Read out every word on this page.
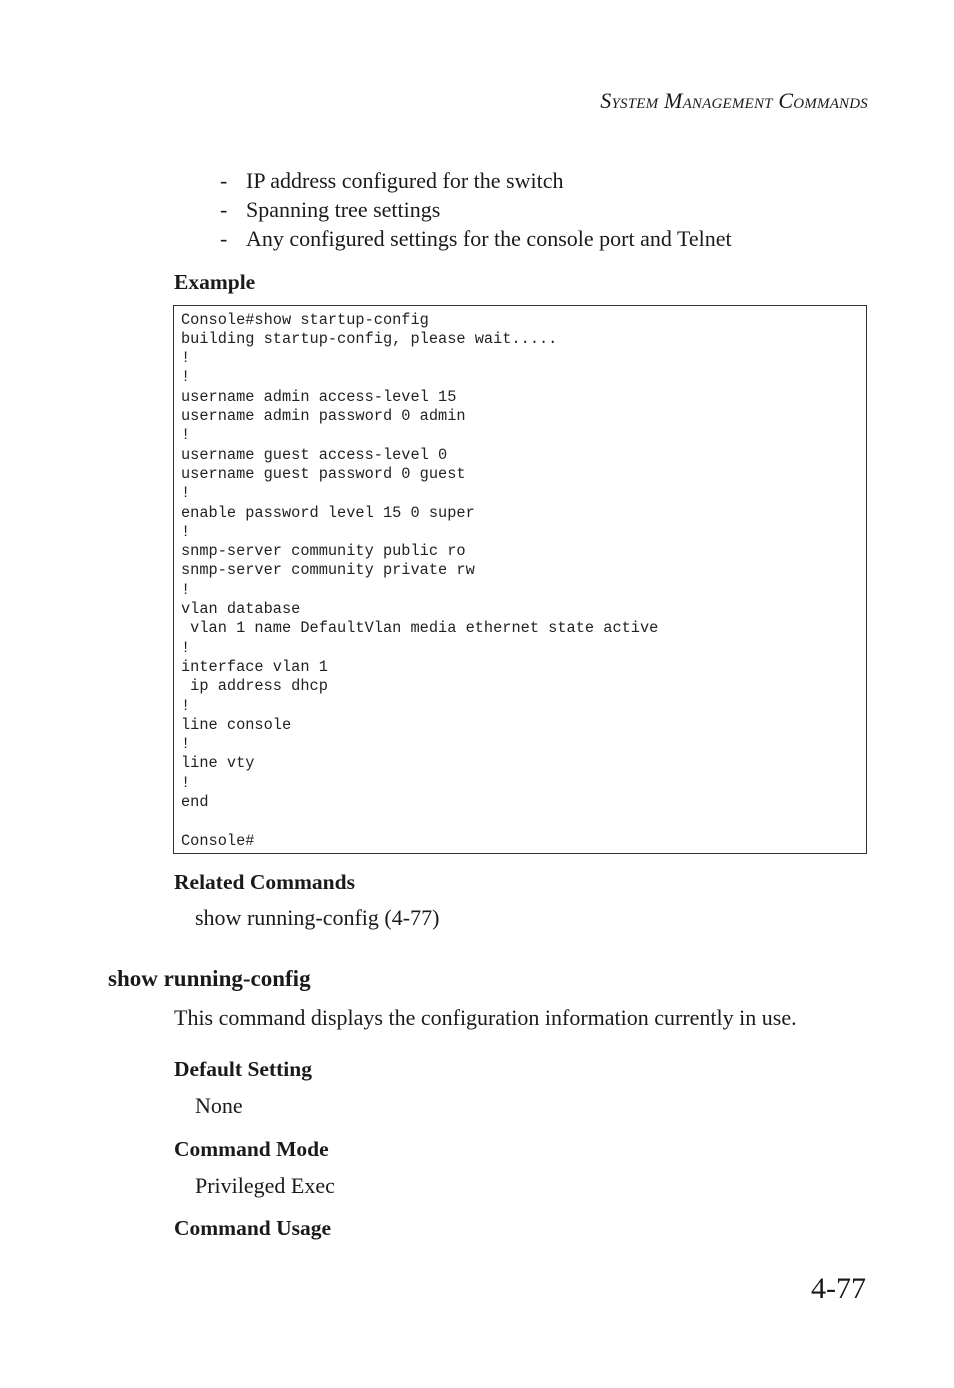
System Management Commands
- IP address configured for the switch
- Spanning tree settings
- Any configured settings for the console port and Telnet
Example
Console#show startup-config
building startup-config, please wait.....
!
!
username admin access-level 15
username admin password 0 admin
!
username guest access-level 0
username guest password 0 guest
!
enable password level 15 0 super
!
snmp-server community public ro
snmp-server community private rw
!
vlan database
vlan 1 name DefaultVlan media ethernet state active
!
interface vlan 1
ip address dhcp
!
line console
!
line vty
!
end
Console#
Related Commands
show running-config (4-77)
show running-config
This command displays the configuration information currently in use.
Default Setting
None
Command Mode
Privileged Exec
Command Usage
4-77
